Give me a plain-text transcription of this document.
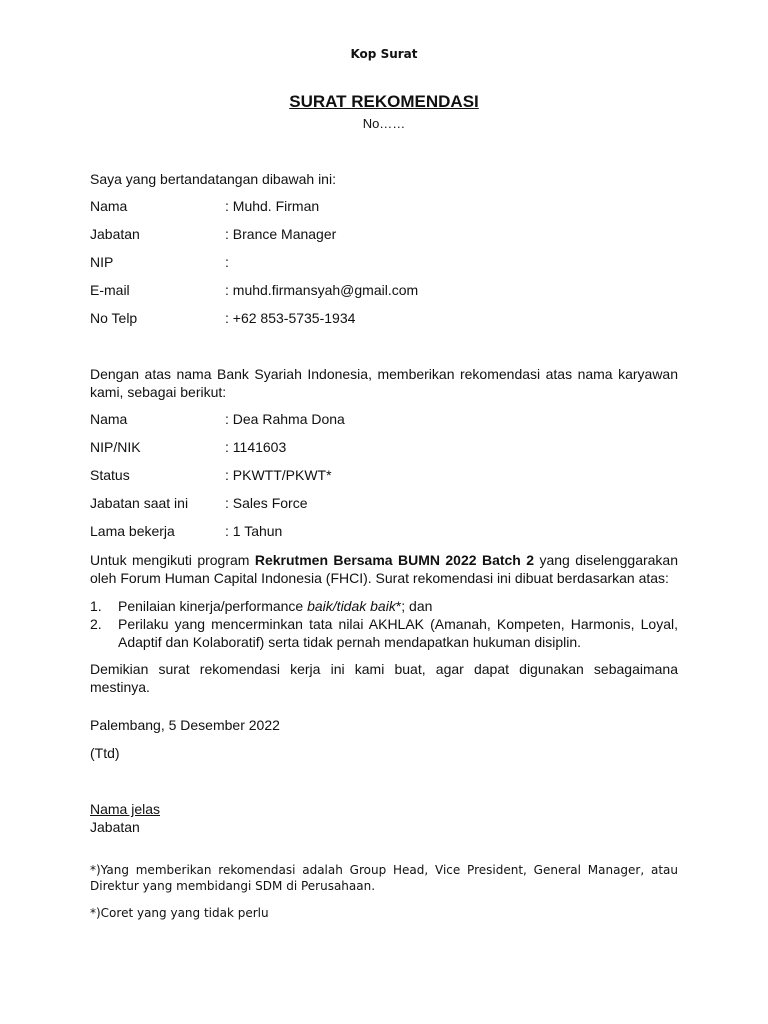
Kop Surat
SURAT REKOMENDASI
No……
Saya yang bertandatangan dibawah ini:
Nama	: Muhd. Firman
Jabatan	: Brance Manager
NIP	:
E-mail	: muhd.firmansyah@gmail.com
No Telp	: +62 853-5735-1934
Dengan atas nama Bank Syariah Indonesia, memberikan rekomendasi atas nama karyawan kami, sebagai berikut:
Nama	: Dea Rahma Dona
NIP/NIK	: 1141603
Status	: PKWTT/PKWT*
Jabatan saat ini	: Sales Force
Lama bekerja	: 1 Tahun
Untuk mengikuti program Rekrutmen Bersama BUMN 2022 Batch 2 yang diselenggarakan oleh Forum Human Capital Indonesia (FHCI). Surat rekomendasi ini dibuat berdasarkan atas:
1. Penilaian kinerja/performance baik/tidak baik*; dan
2. Perilaku yang mencerminkan tata nilai AKHLAK (Amanah, Kompeten, Harmonis, Loyal, Adaptif dan Kolaboratif) serta tidak pernah mendapatkan hukuman disiplin.
Demikian surat rekomendasi kerja ini kami buat, agar dapat digunakan sebagaimana mestinya.
Palembang, 5 Desember 2022
(Ttd)
Nama jelas
Jabatan
*)Yang memberikan rekomendasi adalah Group Head, Vice President, General Manager, atau Direktur yang membidangi SDM di Perusahaan.
*)Coret yang yang tidak perlu
